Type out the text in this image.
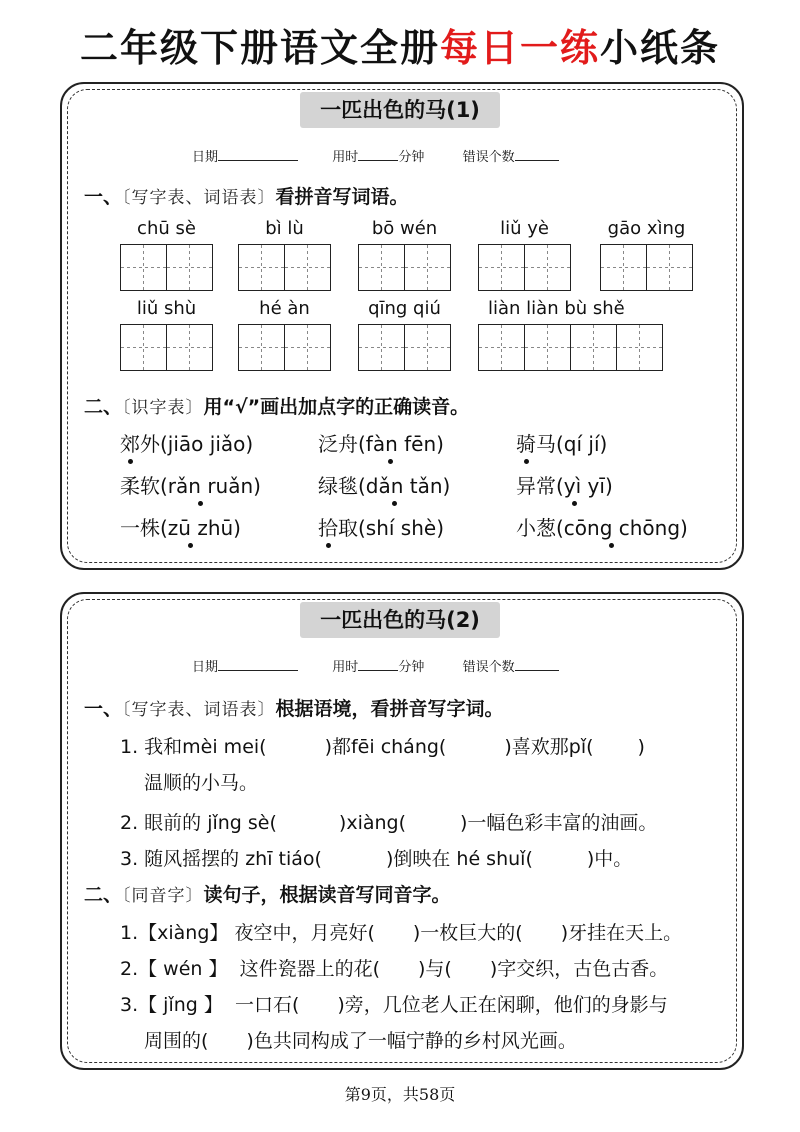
二年级下册语文全册每日一练小纸条
一匹出色的马(1)
日期	用时	分钟	错误个数
一、〔写字表、词语表〕看拼音写词语。
chū sè	bì lù	bō wén	liǔ yè	gāo xìng
liǔ shù	hé àn	qīng qiú	liàn liàn bù shě
二、〔识字表〕用“√”画出加点字的正确读音。
郊外(jiāo jiǎo)	泛舟(fàn fēn)	骑马(qí jí)
柔软(rǎn ruǎn)	绿毯(dǎn tǎn)	异常(yì yī)
一株(zū zhū)	拾取(shí shè)	小葱(cōng chōng)
一匹出色的马(2)
日期	用时	分钟	错误个数
一、〔写字表、词语表〕根据语境，看拼音写字词。
1. 我和mèi mei(	)都fēi cháng(	)喜欢那pǐ( )
温顺的小马。
2. 眼前的 jǐng sè(	)xiàng(	)一幅色彩丰富的油画。
3. 随风摇摆的 zhī tiáo(	)倒映在 hé shuǐ(	)中。
二、〔同音字〕读句子，根据读音写同音字。
1.【xiàng】 夜空中，月亮好( )一枚巨大的( )牙挂在天上。
2.【 wén 】 这件瓷器上的花( )与( )字交织，古色古香。
3.【 jǐng 】 一口石( )旁，几位老人正在闲聊，他们的身影与
周围的( )色共同构成了一幅宁静的乡村风光画。
第9页，共58页
